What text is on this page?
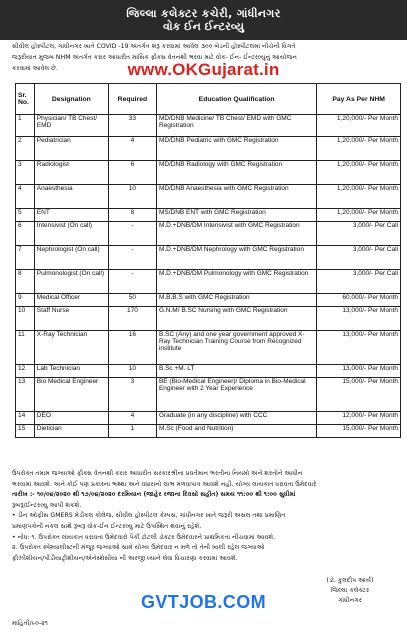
જિલ્લા કલેક્ટર કચેરી, ગાંધીનગર
વોક ઈન ઈન્ટરવ્યુ
સીવીલ હોસ્પીટલ, ગાંધીનગર ખાતે COVID -19 અંતર્ગત શરૂ કરવામાં આવેલ ૩૦૦ બેડની હોસ્પીટલમાં નીચેની વિગતે
જરૂરીયાત મુજબ NHM અંતર્ગત કરાર આધારીત માસિક ફીક્સ વેતનથી ભરવા માટે વોક- ઈન- ઈન્ટરવ્યુનું આયોજન
કરવામાં આવેલ છે.	www.OKGujarat.in
Sr. No.	Designation	Required	Education Qualification	Pay As Per NHM
1	Physician/ TB Chest/ EMD	33	MD/DNB Medicine/ TB Chest/ EMD with GMC Registration	1,20,000/- Per Month
2	Pediatrician	4	MD/DNB Pediatric with GMC Registration	1,20,000/- Per Month
3	Radiologist	6	MD/DNB Radiology with GMC Registration	1,20,000/- Per Month
4	Anaesthesia	10	MD/DNB Anaesthesia with GMC Registration	1,20,000/- Per Month
5	ENT	8	MS/DNB ENT with GMC Registration	1,20,000/- Per Month
6	Intensivist (On call)	-	M.D.+DNB/DM Intensivist with GMC Registration	3,000/- Per Call
7	Nephrologist (On call)	-	M.D.+DNB/DM Nephrology with GMC Registration	3,000/- Per Call
8	Pulmonologist (On call)	-	M.D.+DNB/DM Pulmonology with GMC Registration	3,000/- Per Call
9	Medical Officer	50	M.B.B.S with GMC Registration	60,000/- Per Month
10	Staff Nurse	170	G.N.M/ B.SC Nursing with GMC Registration	13,000/- Per Month
11	X-Ray Technician	16	B.SC (Any) and one year government approved X-Ray Technician Training Course from Recognized institute	13,000/- Per Month
12	Lab Technician	10	B.Sc +M. LT	13,000/- Per Month
13	Bio Medical Engineer	3	BE (Bio-Medical Engineer)/ Diploma in Bio-Medical Engineer with 2 Year Experience	15,000/- Per Month
14	DEO	4	Graduate (in any discipline) with CCC	12,000/- Per Month
15	Dietician	1	M.Sc (Food and Nutrition)	15,000/- Per Month
ઉપરોક્ત તમામ જગ્યાઓ ફીક્સ વેતનથી કરાર આધારીત સરકારશ્રીના પ્રવર્તમાન ભરતીના નિયમો અને શરતોને આધીન
ભરવામાં આવશે. અને કોઈ પણ પ્રકારના ભથ્થા અને વધારાનો લાભ મળવાપાત્ર આવશે નહી. યોગ્ય લાયકાત ધરાવતા ઉમેદવારે
તારીખ :- ૧૦/૦૪/૨૦૨૦ થી ૧૭/૦૪/૨૦૨૦ દરમિયાન (જાહેર રજાના દિવસો સહીત) સમય ૧૧:૦૦ થી ૧:૦૦ સુધીમાં
રૂબરૂ/ઈન્ટરવ્યુ આપી શકશે.
• ડીન ઓફીસ GMERS મેડીકલ કોલેજ, સીવીલ હોસ્પીટલ કેમ્પસ, ગાંધીનગર ખાતે જરૂરી અસલ તથા પ્રમાણિત
પ્રમાણપત્રોની નકલ સાથે રૂબરૂ વોક-ઈન ઈન્ટરવ્યુ માટે ઉપસ્થિત થવાનું રહેશે.
• નોંધ: ૧. ઉપરોક્ત લાયકાત ધરાવતા ઉમેદવારો પૈકી ટોટલી ડોક્ટર ઉમેદવારને પ્રાથમિકતા નીચવામાં આવશે.
૨. ઉપરોક્ત સ્પેશ્યાલીસ્ટની મંજૂર જગ્યાઓ સામે યોગ્ય ઉમેદવાર ન મળે તો તેની ખાલી રહેલ જગ્યાઓ
ફીઝીશીયન/પીડીયાટ્રીશીયન/એનેસ્થેસીયા ની અરજી ધ્યાને લેવા વિચારણા કરવામાં આવશે.
(ડો. કુલદીપ આર્ય)
જિલ્લા કલેક્ટર
ગાંધીનગર
GVTJOB.COM
માહિતી/૯૦-૨૧
